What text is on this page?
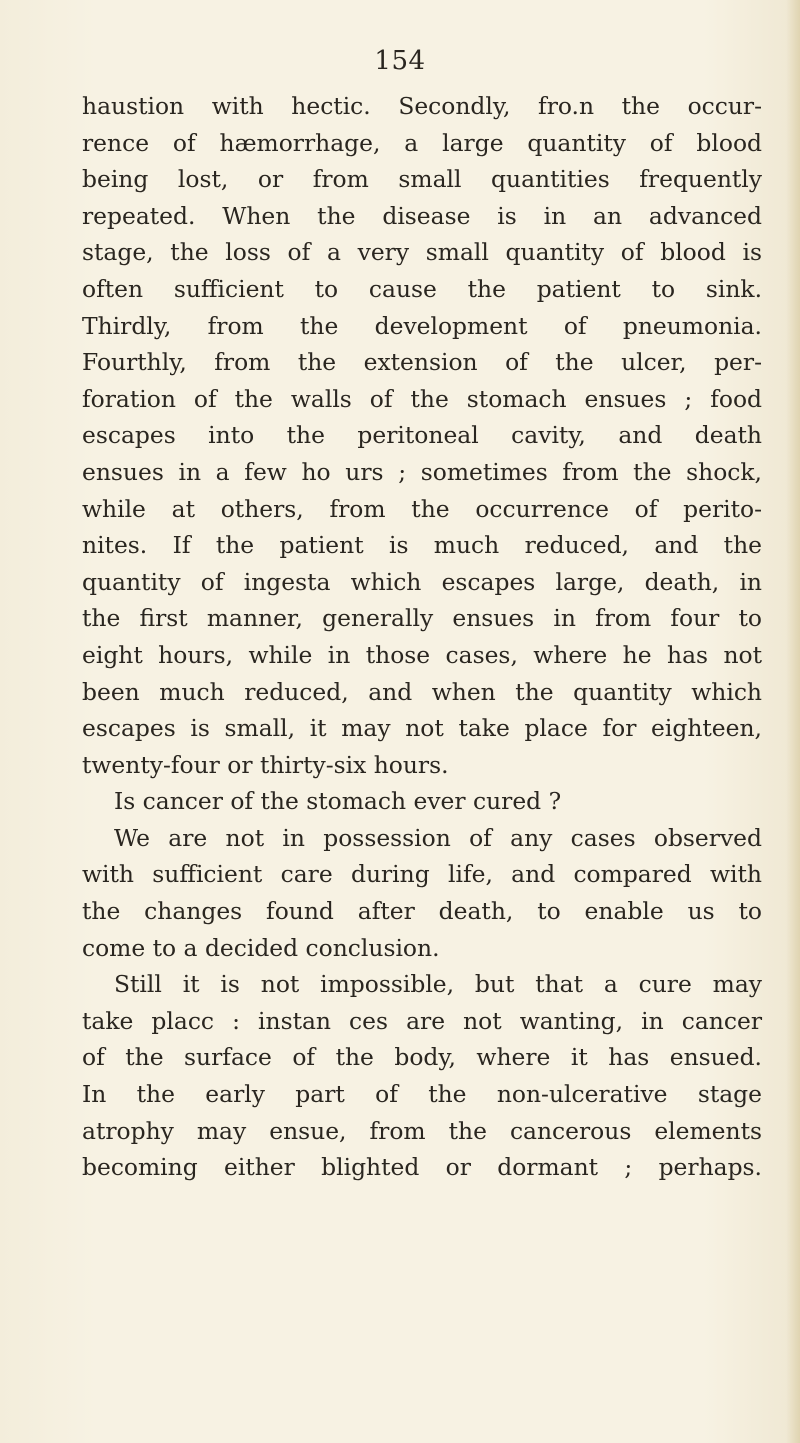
154
haustion with hectic. Secondly, fro.n the occur-
rence of hæmorrhage, a large quantity of blood
being lost, or from small quantities frequently
repeated. When the disease is in an advanced
stage, the loss of a very small quantity of blood is
often sufficient to cause the patient to sink.
Thirdly, from the development of pneumonia.
Fourthly, from the extension of the ulcer, per-
foration of the walls of the stomach ensues ; food
escapes into the peritoneal cavity, and death
ensues in a few ho urs ; sometimes from the shock,
while at others, from the occurrence of perito-
nites. If the patient is much reduced, and the
quantity of ingesta which escapes large, death, in
the first manner, generally ensues in from four to
eight hours, while in those cases, where he has not
been much reduced, and when the quantity which
escapes is small, it may not take place for eighteen,
twenty-four or thirty-six hours.
Is cancer of the stomach ever cured ?
We are not in possession of any cases observed
with sufficient care during life, and compared with
the changes found after death, to enable us to
come to a decided conclusion.
Still it is not impossible, but that a cure may
take placc : instan ces are not wanting, in cancer
of the surface of the body, where it has ensued.
In the early part of the non-ulcerative stage
atrophy may ensue, from the cancerous elements
becoming either blighted or dormant ; perhaps.
